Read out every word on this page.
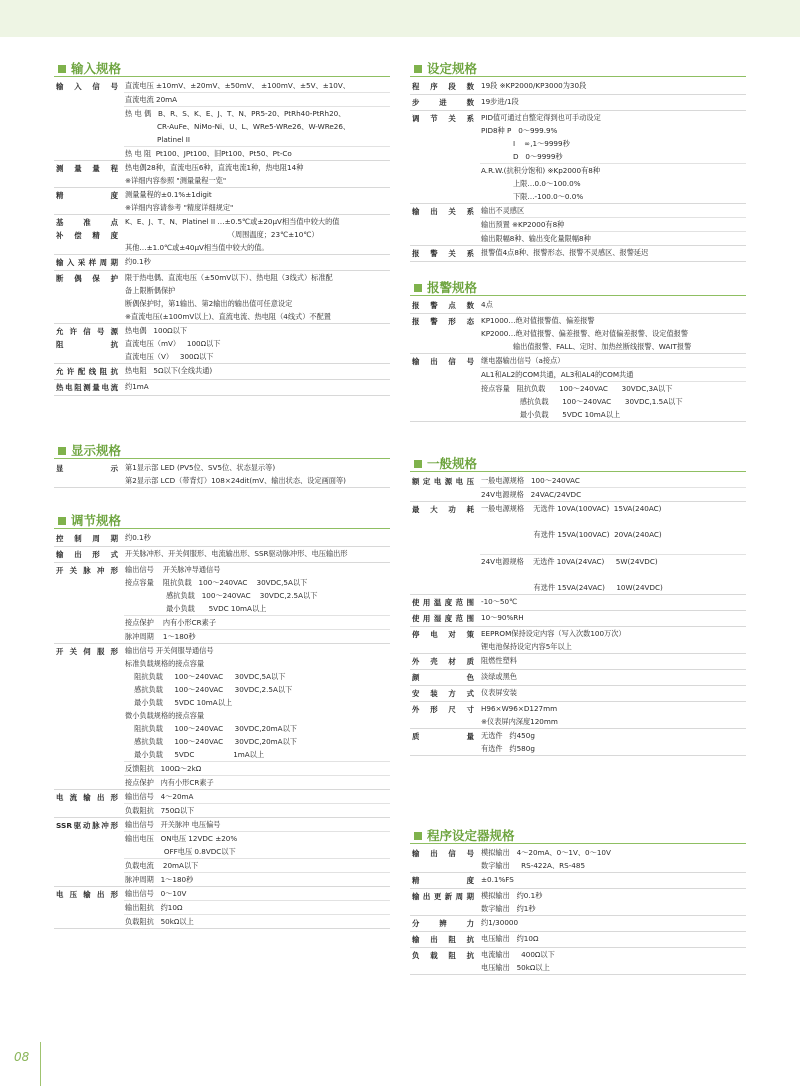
08
输入规格
输入信号 直流电压 ±10mV、±20mV、±50mV、 ±100mV、±5V、±10V、
直流电流 20mA
热 电 偶   B、R、S、K、E、J、T、N、PR5-20、PtRh40-PtRh20、
CR-AuFe、NiMo-Ni、U、L、WRe5-WRe26、W-WRe26、
Platinel II
热 电 阻  Pt100、JPt100、旧Pt100、Pt50、Pt-Co
测 量 量 程 热电偶28种，直流电压6种，直流电流1种，热电阻14种
※详细内容参照 "测量量程一览"
精 度 测量量程的±0.1%±1digit
※详细内容请参考 "精度详细规定"
基 准 点
补偿精度
K、E、J、T、N、Platinel II …±0.5℃或±20μV相当值中较大的值
（周围温度；23℃±10℃）
其他…±1.0℃或±40μV相当值中较大的值。
输入采样周期 约0.1秒
断偶保护 限于热电偶、直流电压（±50mV以下）、热电阻（3线式）标准配
备上限断偶保护
断偶保护时，第1输出、第2输出的输出值可任意设定
※直流电压(±100mV以上)、直流电流、热电阻（4线式）不配置
允许信号源
阻 抗
热电偶   100Ω以下
直流电压（mV）   100Ω以下
直流电压（V）   300Ω以下
允许配线阻抗 热电阻   5Ω以下(全线共通)
热电阻测量电流 约1mA
显示规格
显 示 第1显示部 LED (PV5位、SV5位、状态显示等)
第2显示部 LCD（带背灯）108×24dit(mV、输出状态、设定画面等)
调节规格
控制周期 约0.1秒
输出形式 开关脉冲形、开关伺服形、电流输出形、SSR驱动脉冲形、电压输出形
开关脉冲形 输出信号    开关脉冲导通信号
接点容量    阻抗负载   100～240VAC    30VDC,5A以下
感抗负载   100～240VAC    30VDC,2.5A以下
最小负载      5VDC 10mA以上
接点保护    内有小形CR素子
脉冲周期    1～180秒
开关伺服形 输出信号 开关伺服导通信号
标准负载规格的接点容量
阻抗负载     100～240VAC     30VDC,5A以下
感抗负载     100～240VAC     30VDC,2.5A以下
最小负载     5VDC 10mA以上
微小负载规格的接点容量
阻抗负载     100～240VAC     30VDC,20mA以下
感抗负载     100～240VAC     30VDC,20mA以下
最小负载     5VDC                 1mA以上
反馈阻抗   100Ω～2kΩ
接点保护   内有小形CR素子
电流输出形 输出信号   4～20mA
负载阻抗   750Ω以下
SSR驱动脉冲形 输出信号   开关脉冲 电压偏号
输出电压   ON电压 12VDC ±20%
OFF电压 0.8VDC以下
负载电流    20mA以下
脉冲周期   1～180秒
电压输出形 输出信号   0～10V
输出阻抗   约10Ω
负载阻抗   50kΩ以上
设定规格
程序段数 19段 ※KP2000/KP3000为30段
步 进 数 19步进/1段
调节关系 PID值可通过自整定得到也可手动设定
PID8种 P   0～999.9%
I    ∞,1～9999秒
D   0～9999秒
A.R.W.(抗积分饱和) ※Kp2000有8种
上限…0.0～100.0%
下限…-100.0～0.0%
输出关系 输出不灵感区
输出预置 ※KP2000有8种
输出限幅8种、输出变化量限幅8种
报警关系 报警值4点8种、报警形态、报警不灵感区、报警延迟
报警规格
报警点数 4点
报警形态 KP1000…绝对值报警值、偏差报警
KP2000…绝对值报警、偏差报警、绝对值偏差报警、设定值报警
输出值报警、FALL、定时、加热丝断线报警、WAIT报警
输出信号 继电器输出信号（a接点）
AL1和AL2的COM共通，AL3和AL4的COM共通
接点容量   阻抗负载      100～240VAC      30VDC,3A以下
感抗负载      100～240VAC      30VDC,1.5A以下
最小负载      5VDC 10mA以上
一般规格
额定电源电压 一般电源规格   100～240VAC
24V电源规格   24VAC/24VDC
最大功耗 一般电源规格    无选件 10VA(100VAC)  15VA(240AC)

有选件 15VA(100VAC)  20VA(240AC)

24V电源规格    无选件 10VA(24VAC)     5W(24VDC)

有选件 15VA(24VAC)     10W(24VDC)
使用温度范围 -10～50℃
使用湿度范围 10～90%RH
停电对策 EEPROM保持设定内容（写入次数100万次）
锂电池保持设定内容5年以上
外壳材质 阻燃性塑料
颜 色 淡绿或黑色
安装方式 仪表屏安装
外形尺寸 H96×W96×D127mm
※仪表屏内深度120mm
质 量 无选件   约450g
有选件   约580g
程序设定器规格
输出信号 模拟输出   4～20mA、0～1V、0～10V
数字输出     RS-422A、RS-485
精 度 ±0.1%FS
输出更新周期 模拟输出   约0.1秒
数字输出   约1秒
分 辨 力 约1/30000
输出阻抗 电压输出   约10Ω
负载阻抗 电流输出     400Ω以下
电压输出   50kΩ以上
